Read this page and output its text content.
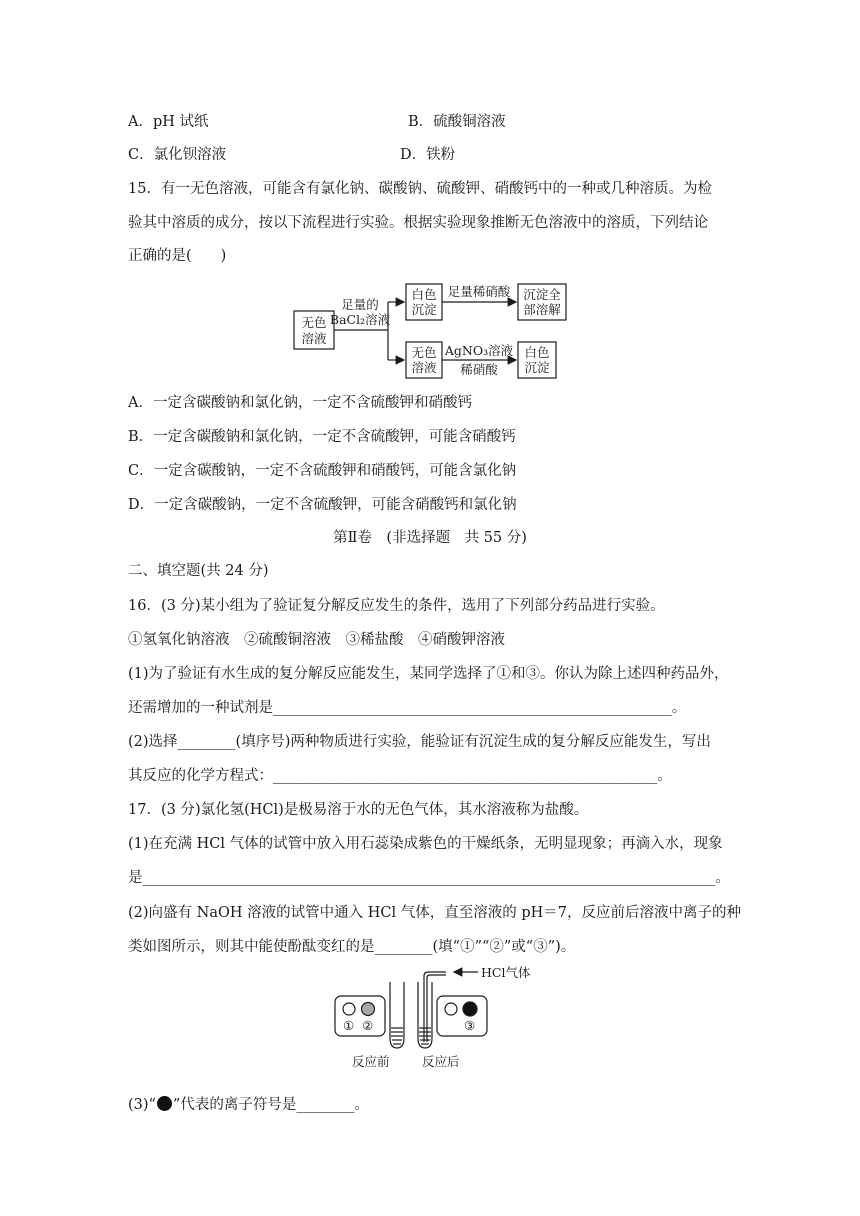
A．pH 试纸	B．硫酸铜溶液
C．氯化钡溶液	D．铁粉
15．有一无色溶液，可能含有氯化钠、碳酸钠、硫酸钾、硝酸钙中的一种或几种溶质。为检
验其中溶质的成分，按以下流程进行实验。根据实验现象推断无色溶液中的溶质，下列结论
正确的是(　　)
无色
溶液
足量的
BaCl₂溶液
白色
沉淀
足量稀硝酸 沉淀全
部溶解
无色
溶液
AgNO₃溶液
稀硝酸
白色
沉淀
① ②	③
HCl气体
反应前	反应后
A．一定含碳酸钠和氯化钠，一定不含硫酸钾和硝酸钙
B．一定含碳酸钠和氯化钠，一定不含硫酸钾，可能含硝酸钙
C．一定含碳酸钠，一定不含硫酸钾和硝酸钙，可能含氯化钠
D．一定含碳酸钠，一定不含硫酸钾，可能含硝酸钙和氯化钠
第Ⅱ卷　(非选择题　共 55 分)
二、填空题(共 24 分)
16．(3 分)某小组为了验证复分解反应发生的条件，选用了下列部分药品进行实验。
①氢氧化钠溶液　②硫酸铜溶液　③稀盐酸　④硝酸钾溶液
(1)为了验证有水生成的复分解反应能发生，某同学选择了①和③。你认为除上述四种药品外，
还需增加的一种试剂是_______________________________________________________。
(2)选择________(填序号)两种物质进行实验，能验证有沉淀生成的复分解反应能发生，写出
其反应的化学方程式：_____________________________________________________。
17．(3 分)氯化氢(HCl)是极易溶于水的无色气体，其水溶液称为盐酸。
(1)在充满 HCl 气体的试管中放入用石蕊染成紫色的干燥纸条，无明显现象；再滴入水，现象
是_______________________________________________________________________________。
(2)向盛有 NaOH 溶液的试管中通入 HCl 气体，直至溶液的 pH＝7，反应前后溶液中离子的种
类如图所示，则其中能使酚酞变红的是________(填“①”“②”或“③”)。
(3)“ ”代表的离子符号是________。
